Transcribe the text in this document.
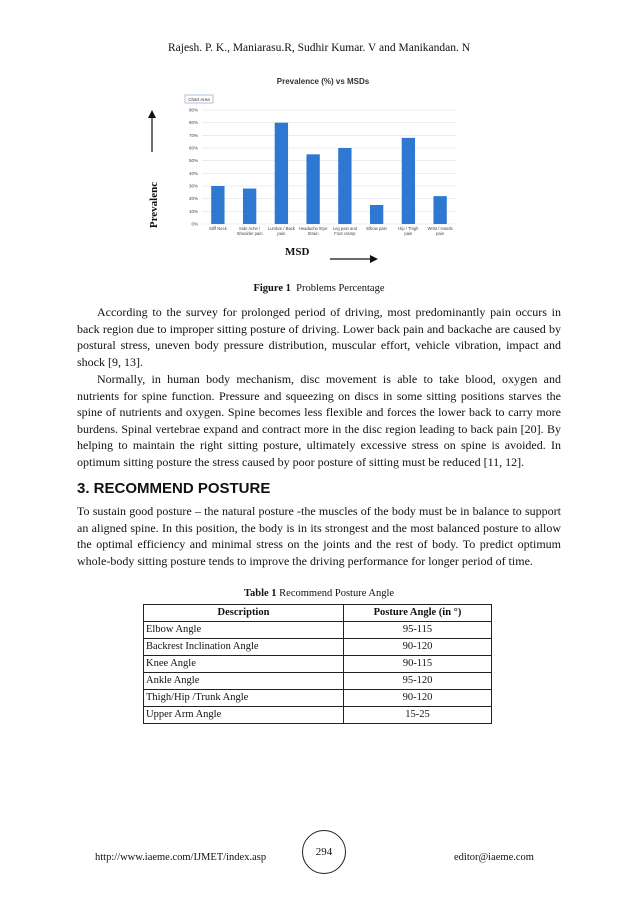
Rajesh. P. K., Maniarasu.R, Sudhir Kumar. V and Manikandan. N
Prevalence (%) vs MSDs
Chart Area
0%
10%
20%
30%
40%
50%
60%
70%
80%
90%
Stiff Neck	Side Ache /
Shoulder pain
Lumbar / Back
pain
Headache /Eye
Strain
Leg pain and
Foot cramp
Elbow pain	Hip / Thigh
pain
Wrist / Hands
pain
Prevalenc
MSD
Figure 1 Problems Percentage

According to the survey for prolonged period of driving, most predominantly pain occurs in back region due to improper sitting posture of driving. Lower back pain and backache are caused by postural stress, uneven body pressure distribution, muscular effort, vehicle vibration, impact and shock [9, 13].

Normally, in human body mechanism, disc movement is able to take blood, oxygen and nutrients for spine function. Pressure and squeezing on discs in some sitting positions starves the spine of nutrients and oxygen. Spine becomes less flexible and forces the lower back to carry more burdens. Spinal vertebrae expand and contract more in the disc region leading to back pain [20]. By helping to maintain the right sitting posture, ultimately excessive stress on spine is avoided. In optimum sitting posture the stress caused by poor posture of sitting must be reduced [11, 12].

3. RECOMMEND POSTURE

To sustain good posture – the natural posture -the muscles of the body must be in balance to support an aligned spine. In this position, the body is in its strongest and the most balanced posture to allow the optimal efficiency and minimal stress on the joints and the rest of body. To predict optimum whole-body sitting posture tends to improve the driving performance for longer period of time.

Table 1 Recommend Posture Angle
Description	Posture Angle (in °)
Elbow Angle	95-115
Backrest Inclination Angle	90-120
Knee Angle	90-115
Ankle Angle	95-120
Thigh/Hip /Trunk Angle	90-120
Upper Arm Angle	15-25
http://www.iaeme.com/IJMET/index.asp	294	editor@iaeme.com
